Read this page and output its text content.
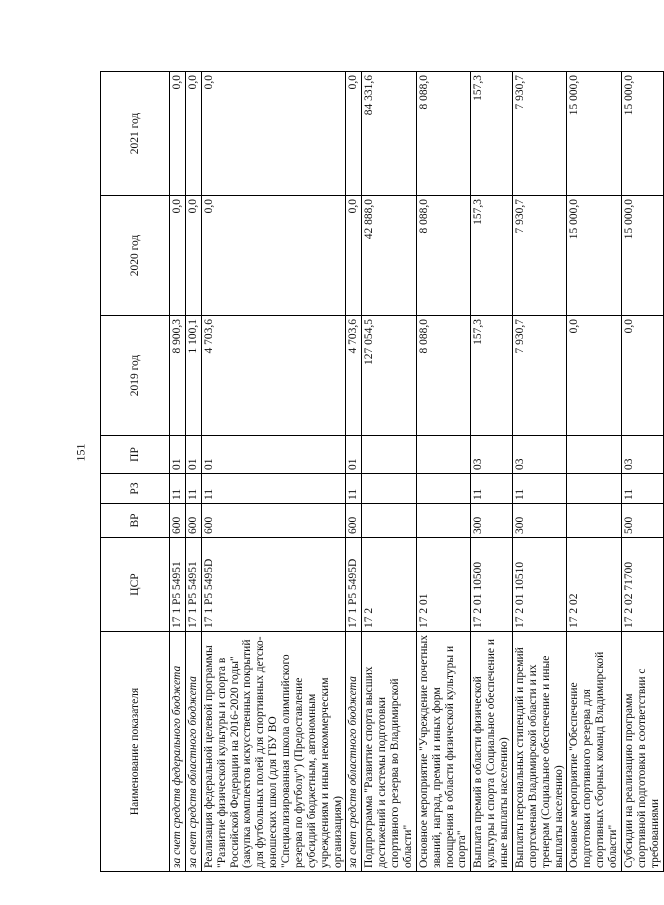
151
Наименование показателя	ЦСР	ВР	РЗ	ПР	2019 год	2020 год	2021 год
за счет средств федерального бюджета	17 1 P5 54951	600	11	01	8 900,3	0,0	0,0
за счет средств областного бюджета	17 1 P5 54951	600	11	01	1 100,1	0,0	0,0
Реализация федеральной целевой программы "Развитие физической культуры и спорта в Российской Федерации на 2016-2020 годы" (закупка комплектов искусственных покрытий для футбольных полей для спортивных детско-юношеских школ (для ГБУ ВО "Специализированная школа олимпийского резерва по футболу") (Предоставление субсидий бюджетным, автономным учреждениям и иным некоммерческим организациям)	17 1 P5 5495D	600	11	01	4 703,6	0,0	0,0
за счет средств областного бюджета	17 1 P5 5495D	600	11	01	4 703,6	0,0	0,0
Подпрограмма "Развитие спорта высших достижений и системы подготовки спортивного резерва во Владимирской области"	17 2				127 054,5	42 888,0	84 331,6
Основное мероприятие "Учреждение почетных званий, наград, премий и иных форм поощрения в области физической культуры и спорта"	17 2 01				8 088,0	8 088,0	8 088,0
Выплата премий в области физической культуры и спорта (Социальное обеспечение и иные выплаты населению)	17 2 01 10500	300	11	03	157,3	157,3	157,3
Выплаты персональных стипендий и премий спортсменам Владимирской области и их тренерам (Социальное обеспечение и иные выплаты населению)	17 2 01 10510	300	11	03	7 930,7	7 930,7	7 930,7
Основное мероприятие "Обеспечение подготовки спортивного резерва для спортивных сборных команд Владимирской области"	17 2 02				0,0	15 000,0	15 000,0
Субсидии на реализацию программ спортивной подготовки в соответствии с требованиями	17 2 02 71700	500	11	03	0,0	15 000,0	15 000,0
